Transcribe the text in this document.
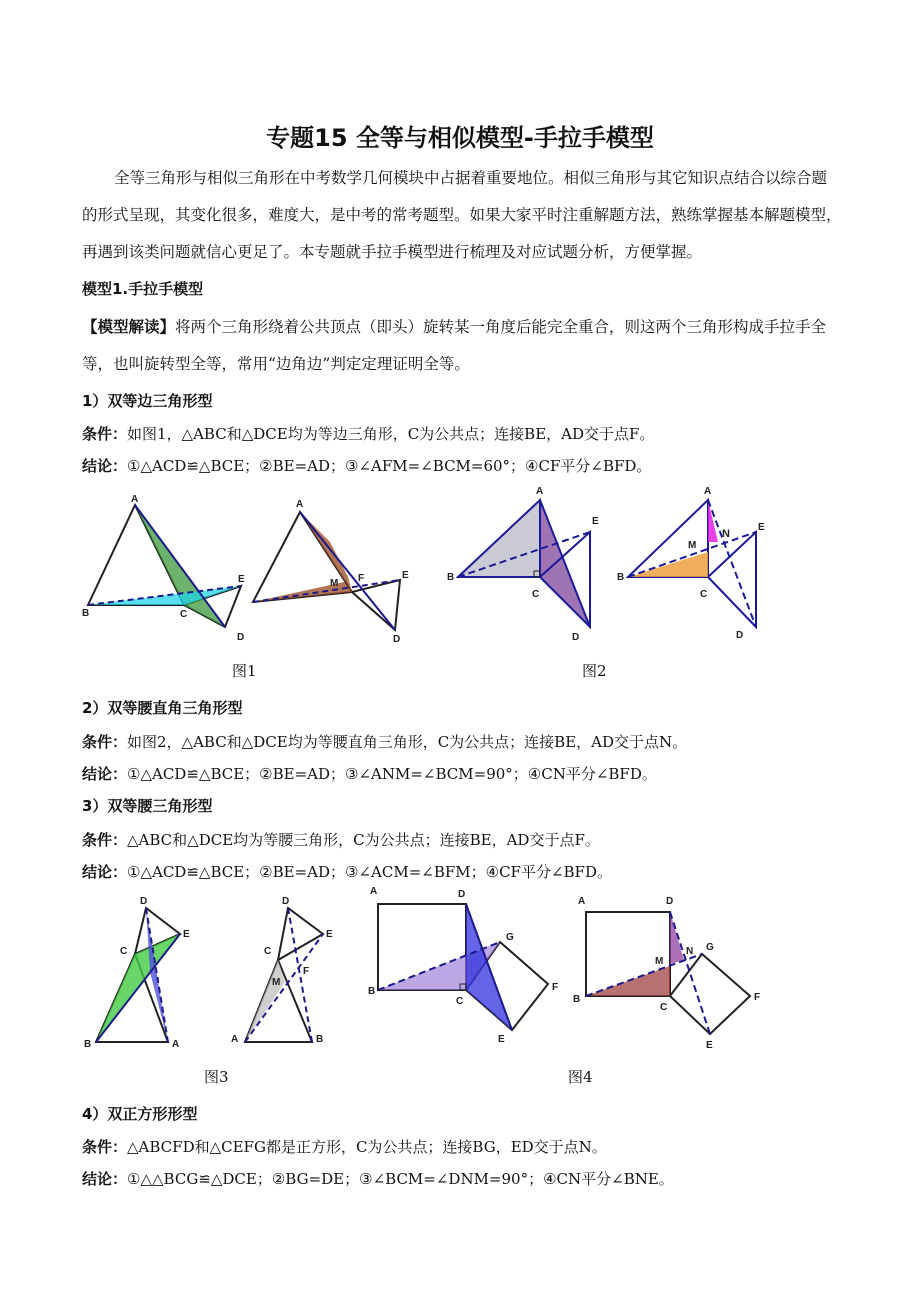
专题15 全等与相似模型-手拉手模型
全等三角形与相似三角形在中考数学几何模块中占据着重要地位。相似三角形与其它知识点结合以综合题的形式呈现，其变化很多，难度大，是中考的常考题型。如果大家平时注重解题方法，熟练掌握基本解题模型，再遇到该类问题就信心更足了。本专题就手拉手模型进行梳理及对应试题分析，方便掌握。
模型1.手拉手模型
【模型解读】将两个三角形绕着公共顶点（即头）旋转某一角度后能完全重合，则这两个三角形构成手拉手全等，也叫旋转型全等，常用“边角边”判定定理证明全等。
1）双等边三角形型
条件：如图1，△ABC和△DCE均为等边三角形，C为公共点；连接BE，AD交于点F。
结论：①△ACD≌△BCE；②BE=AD；③∠AFM=∠BCM=60°；④CF平分∠BFD。
A
B	C
D
E
A
M F	E
D
A
B
C
E
D
A
B
M
N
C
E
D
图1	图2
2）双等腰直角三角形型
条件：如图2，△ABC和△DCE均为等腰直角三角形，C为公共点；连接BE，AD交于点N。
结论：①△ACD≌△BCE；②BE=AD；③∠ANM=∠BCM=90°；④CN平分∠BFD。
3）双等腰三角形型
条件：△ABC和△DCE均为等腰三角形，C为公共点；连接BE，AD交于点F。
结论：①△ACD≌△BCE；②BE=AD；③∠ACM=∠BFM；④CF平分∠BFD。
D
C
E
B	A
D
C
E
F
M
A	B
A	D
B
C
G
F
E
A	D
B
C
M
N G
F
E
图3	图4
4）双正方形形型
条件：△ABCFD和△CEFG都是正方形，C为公共点；连接BG，ED交于点N。
结论：①△△BCG≌△DCE；②BG=DE；③∠BCM=∠DNM=90°；④CN平分∠BNE。
